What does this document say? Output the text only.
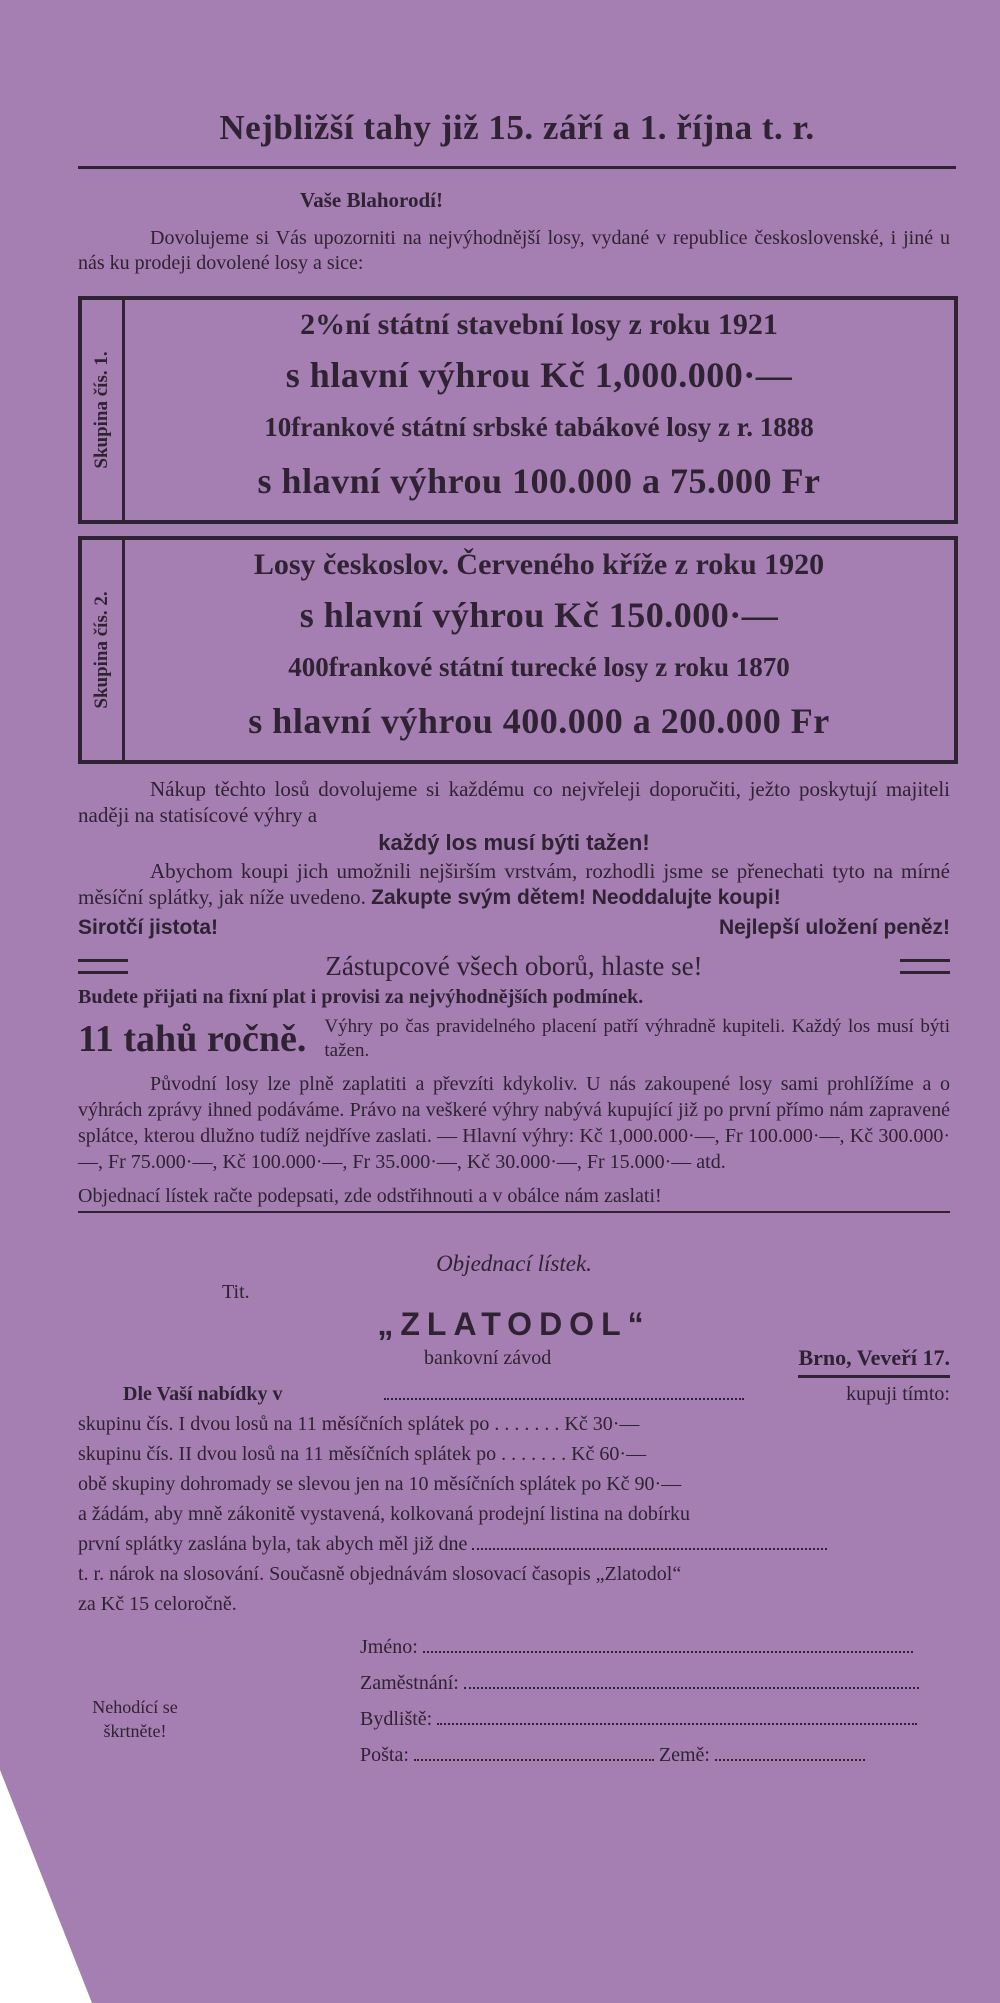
Nejbližší tahy již 15. září a 1. října t. r.
Vaše Blahorodí!
Dovolujeme si Vás upozorniti na nejvýhodnější losy, vydané v republice československé, i jiné u nás ku prodeji dovolené losy a sice:
Skupina čís. 1.
2%ní státní stavební losy z roku 1921
s hlavní výhrou Kč 1,000.000·—
10frankové státní srbské tabákové losy z r. 1888
s hlavní výhrou 100.000 a 75.000 Fr
Skupina čís. 2.
Losy českoslov. Červeného kříže z roku 1920
s hlavní výhrou Kč 150.000·—
400frankové státní turecké losy z roku 1870
s hlavní výhrou 400.000 a 200.000 Fr
Nákup těchto losů dovolujeme si každému co nejvřeleji doporučiti, ježto poskytují majiteli naději na statisícové výhry a
každý los musí býti tažen!
Abychom koupi jich umožnili nejširším vrstvám, rozhodli jsme se přenechati tyto na mírné měsíční splátky, jak níže uvedeno. Zakupte svým dětem! Neoddalujte koupi!
Sirotčí jistota!	Nejlepší uložení peněz!
Zástupcové všech oborů, hlaste se!
Budete přijati na fixní plat i provisi za nejvýhodnějších podmínek.
11 tahů ročně. Výhry po čas pravidelného placení patří výhradně kupiteli. Každý los musí býti tažen.
Původní losy lze plně zaplatiti a převzíti kdykoliv. U nás zakoupené losy sami prohlížíme a o výhrách zprávy ihned podáváme. Právo na veškeré výhry nabývá kupující již po první přímo nám zapravené splátce, kterou dlužno tudíž nejdříve zaslati. — Hlavní výhry: Kč 1,000.000·—, Fr 100.000·—, Kč 300.000·—, Fr 75.000·—, Kč 100.000·—, Fr 35.000·—, Kč 30.000·—, Fr 15.000·— atd.
Objednací lístek račte podepsati, zde odstřihnouti a v obálce nám zaslati!
Objednací lístek.
Tit.
„ZLATODOL“
bankovní závod	Brno, Veveří 17.
Dle Vaší nabídky v	kupuji tímto:
skupinu čís. I dvou losů na 11 měsíčních splátek po . . . . . . . Kč 30·—
skupinu čís. II dvou losů na 11 měsíčních splátek po . . . . . . . Kč 60·—
obě skupiny dohromady se slevou jen na 10 měsíčních splátek po Kč 90·—
a žádám, aby mně zákonitě vystavená, kolkovaná prodejní listina na dobírku
první splátky zaslána byla, tak abych měl již dne
t. r. nárok na slosování. Současně objednávám slosovací časopis „Zlatodol“
za Kč 15 celoročně.
Nehodící se
škrtněte!
Jméno:
Zaměstnání:
Bydliště:
Pošta:	Země:
